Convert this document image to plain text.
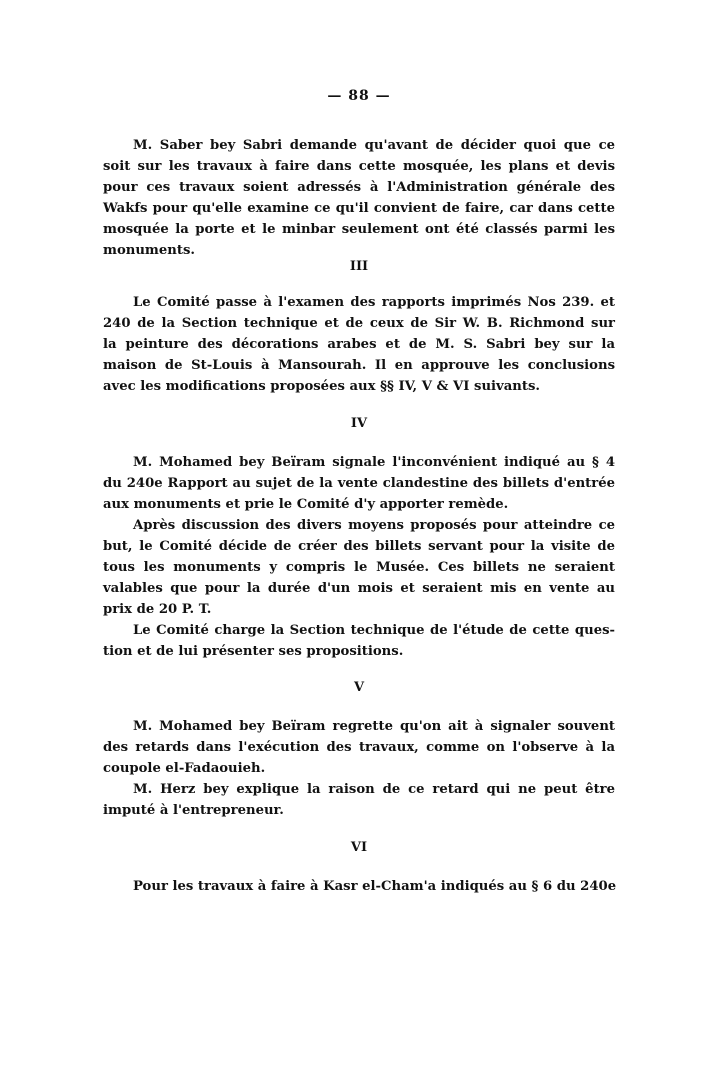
— 88 —
M. Saber bey Sabri demande qu'avant de décider quoi que ce
soit sur les travaux à faire dans cette mosquée, les plans et devis
pour ces travaux soient adressés à l'Administration générale des
Wakfs pour qu'elle examine ce qu'il convient de faire, car dans cette
mosquée la porte et le minbar seulement ont été classés parmi les
monuments.
III
Le Comité passe à l'examen des rapports imprimés Nos 239. et
240 de la Section technique et de ceux de Sir W. B. Richmond sur
la peinture des décorations arabes et de M. S. Sabri bey sur la
maison de St-Louis à Mansourah. Il en approuve les conclusions
avec les modifications proposées aux §§ IV, V & VI suivants.
IV
M. Mohamed bey Beïram signale l'inconvénient indiqué au § 4
du 240e Rapport au sujet de la vente clandestine des billets d'entrée
aux monuments et prie le Comité d'y apporter remède.
Après discussion des divers moyens proposés pour atteindre ce
but, le Comité décide de créer des billets servant pour la visite de
tous les monuments y compris le Musée. Ces billets ne seraient
valables que pour la durée d'un mois et seraient mis en vente au
prix de 20 P. T.
Le Comité charge la Section technique de l'étude de cette ques-
tion et de lui présenter ses propositions.
V
M. Mohamed bey Beïram regrette qu'on ait à signaler souvent
des retards dans l'exécution des travaux, comme on l'observe à la
coupole el-Fadaouieh.
M. Herz bey explique la raison de ce retard qui ne peut être
imputé à l'entrepreneur.
VI
Pour les travaux à faire à Kasr el-Cham'a indiqués au § 6 du 240e
